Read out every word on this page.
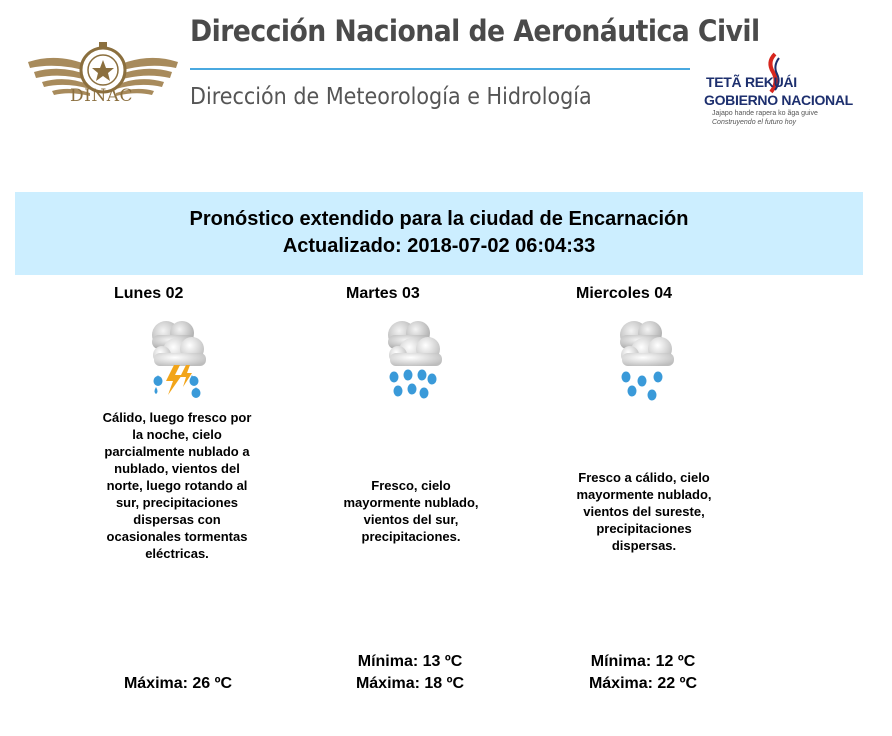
DINAC
Dirección Nacional de Aeronáutica Civil
Dirección de Meteorología e Hidrología
TETÃ REKUÁI
GOBIERNO NACIONAL
Jajapo hande rapera ko ãga guive
Construyendo el futuro hoy
Pronóstico extendido para la ciudad de Encarnación
Actualizado: 2018-07-02 06:04:33
Lunes 02
Cálido, luego fresco por la noche, cielo parcialmente nublado a nublado, vientos del norte, luego rotando al sur, precipitaciones dispersas con ocasionales tormentas eléctricas.
Máxima: 26 ºC
Martes 03
Fresco, cielo mayormente nublado, vientos del sur, precipitaciones.
Mínima: 13 ºC
Máxima: 18 ºC
Miercoles 04
Fresco a cálido, cielo mayormente nublado, vientos del sureste, precipitaciones dispersas.
Mínima: 12 ºC
Máxima: 22 ºC
